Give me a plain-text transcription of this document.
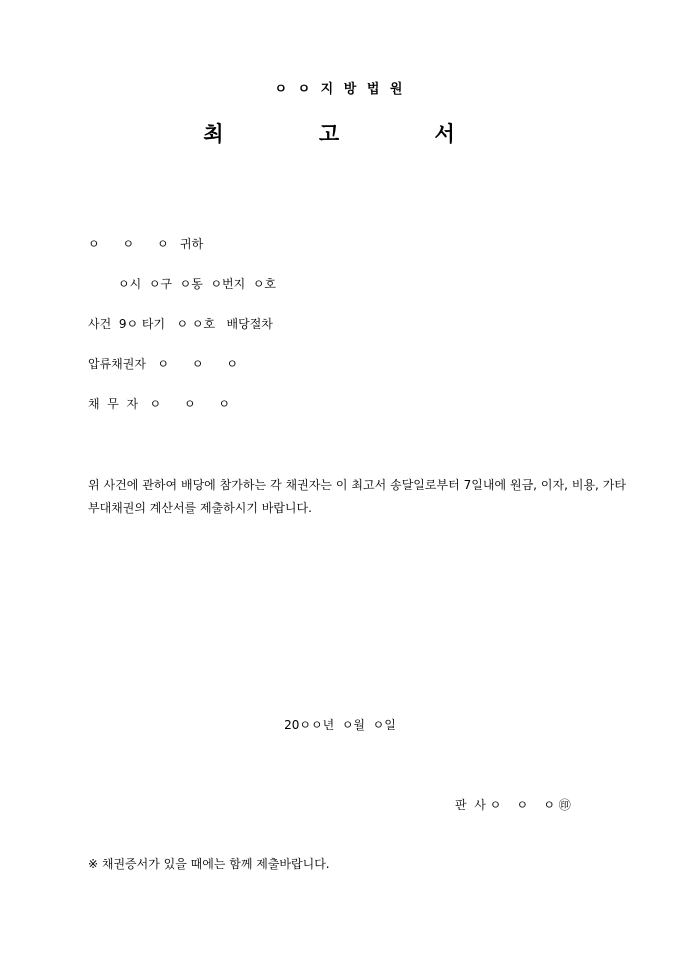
ㅇ ㅇ 지 방 법 원
최 고 서
ㅇ      ㅇ      ㅇ   귀하
ㅇ시  ㅇ구  ㅇ동  ㅇ번지  ㅇ호
사건  9ㅇ 타기   ㅇ ㅇ호   배당절차
압류채권자   ㅇ      ㅇ      ㅇ
채  무  자   ㅇ      ㅇ      ㅇ
위 사건에 관하여 배당에 참가하는 각 채권자는 이 최고서 송달일로부터 7일내에 원금, 이자, 비용, 가타 부대채권의 계산서를 제출하시기 바랍니다.
20ㅇㅇ년  ㅇ월  ㅇ일
판  사 ㅇ    ㅇ    ㅇ ㊞
※ 채권증서가 있을 때에는 함께 제출바랍니다.
